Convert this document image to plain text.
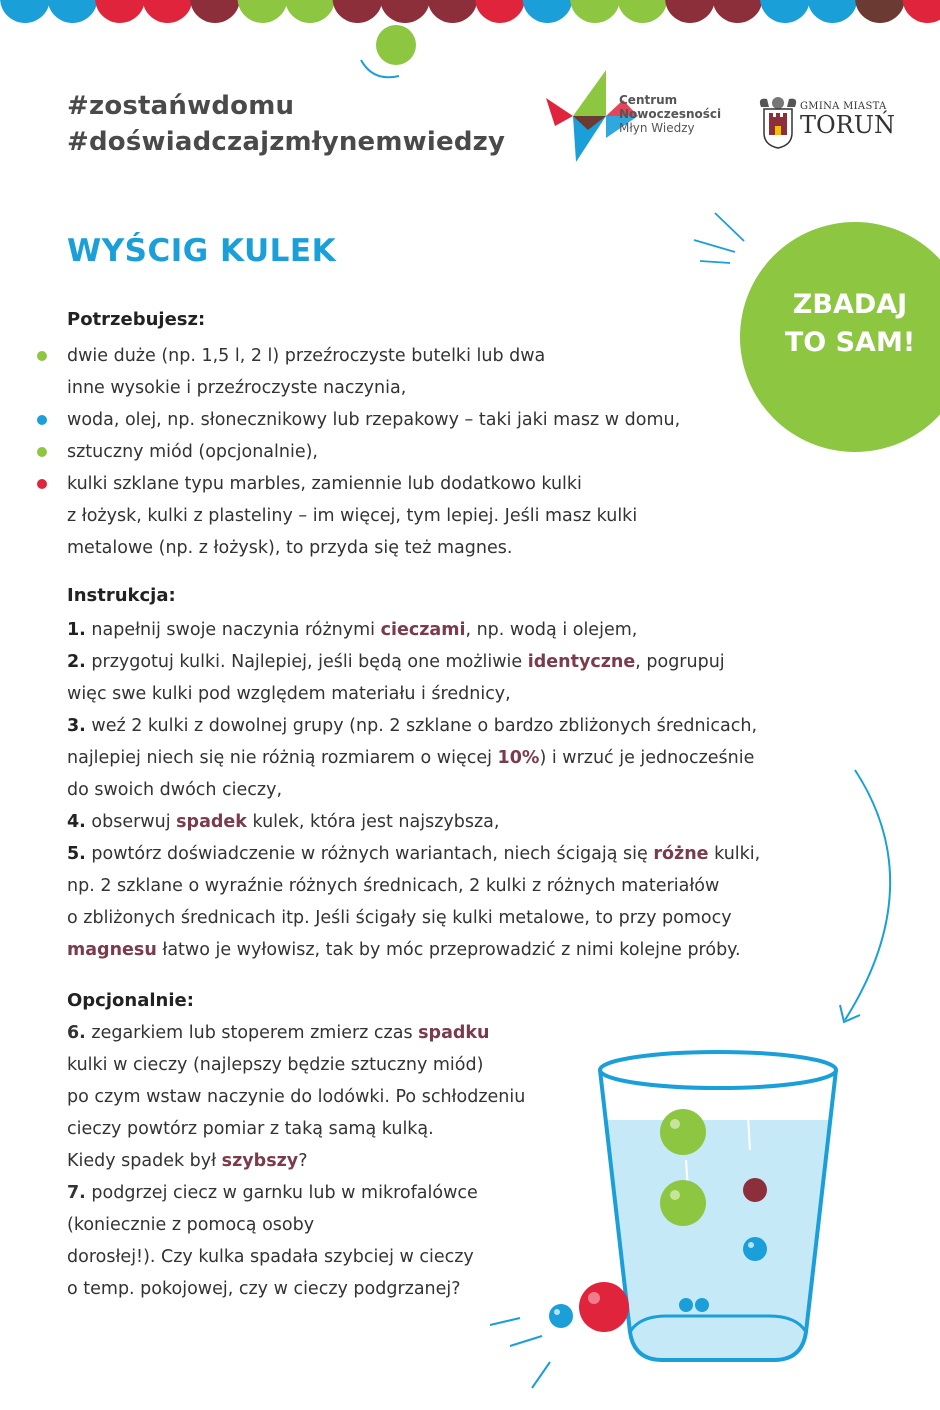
#zostańwdomu
#doświadczajzmłynemwiedzy
Centrum
Nowoczesności
Młyn Wiedzy
GMINA MIASTA
TORUŃ
WYŚCIG KULEK
ZBADAJ
TO SAM!
Potrzebujesz:
dwie duże (np. 1,5 l, 2 l) przeźroczyste butelki lub dwa
inne wysokie i przeźroczyste naczynia,
woda, olej, np. słonecznikowy lub rzepakowy – taki jaki masz w domu,
sztuczny miód (opcjonalnie),
kulki szklane typu marbles, zamiennie lub dodatkowo kulki
z łożysk, kulki z plasteliny – im więcej, tym lepiej. Jeśli masz kulki
metalowe (np. z łożysk), to przyda się też magnes.
Instrukcja:
1. napełnij swoje naczynia różnymi cieczami, np. wodą i olejem,
2. przygotuj kulki. Najlepiej, jeśli będą one możliwie identyczne, pogrupuj
więc swe kulki pod względem materiału i średnicy,
3. weź 2 kulki z dowolnej grupy (np. 2 szklane o bardzo zbliżonych średnicach,
najlepiej niech się nie różnią rozmiarem o więcej 10%) i wrzuć je jednocześnie
do swoich dwóch cieczy,
4. obserwuj spadek kulek, która jest najszybsza,
5. powtórz doświadczenie w różnych wariantach, niech ścigają się różne kulki,
np. 2 szklane o wyraźnie różnych średnicach, 2 kulki z różnych materiałów
o zbliżonych średnicach itp. Jeśli ścigały się kulki metalowe, to przy pomocy
magnesu łatwo je wyłowisz, tak by móc przeprowadzić z nimi kolejne próby.
Opcjonalnie:
6. zegarkiem lub stoperem zmierz czas spadku
kulki w cieczy (najlepszy będzie sztuczny miód)
po czym wstaw naczynie do lodówki. Po schłodzeniu
cieczy powtórz pomiar z taką samą kulką.
Kiedy spadek był szybszy?
7. podgrzej ciecz w garnku lub w mikrofalówce
(koniecznie z pomocą osoby
dorosłej!). Czy kulka spadała szybciej w cieczy
o temp. pokojowej, czy w cieczy podgrzanej?
